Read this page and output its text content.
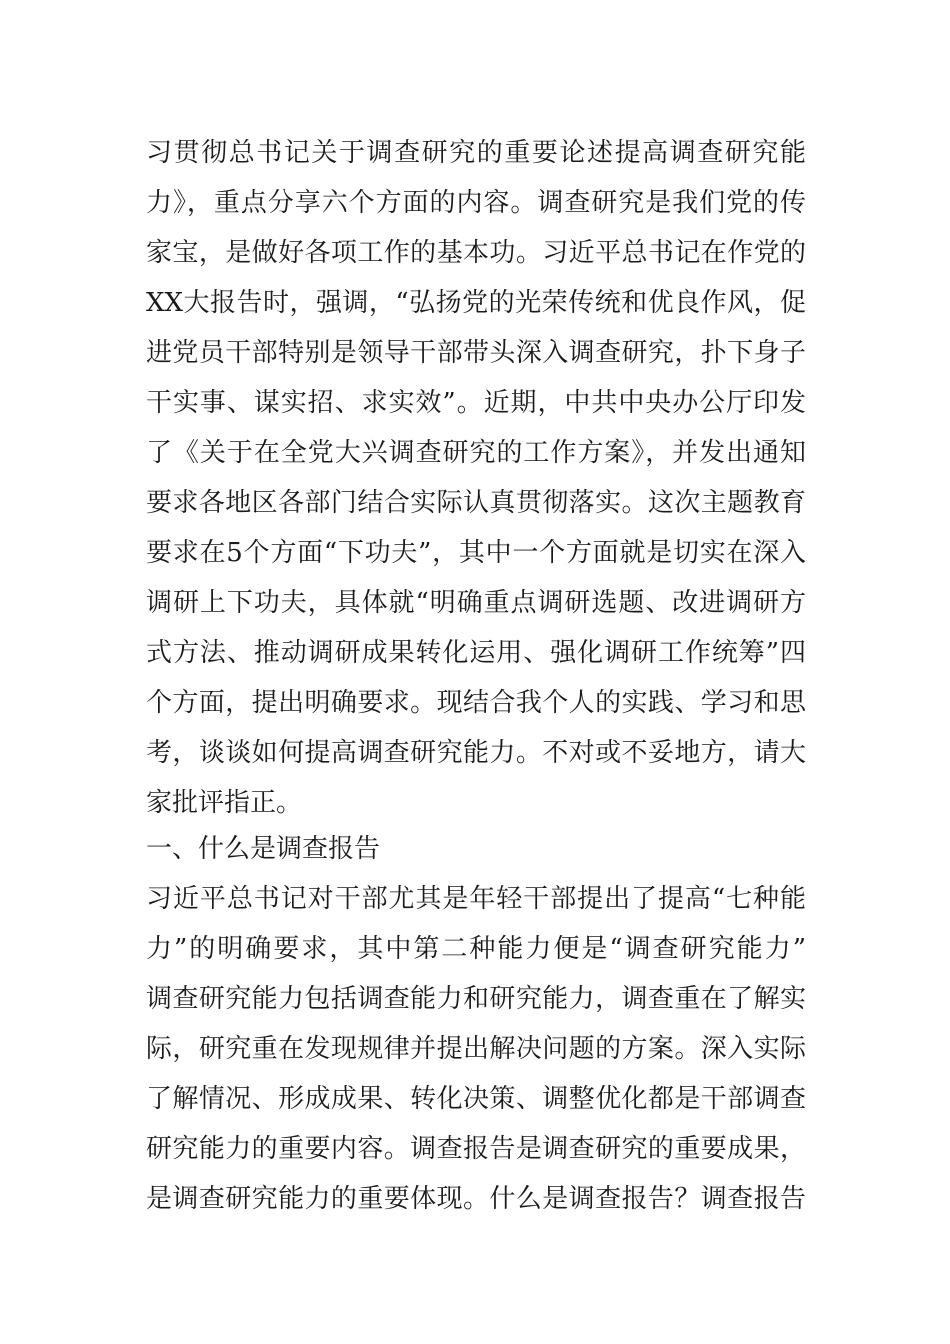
习贯彻总书记关于调查研究的重要论述提高调查研究能
力》，重点分享六个方面的内容。调查研究是我们党的传
家宝，是做好各项工作的基本功。习近平总书记在作党的
XX大报告时，强调，“弘扬党的光荣传统和优良作风，促
进党员干部特别是领导干部带头深入调查研究，扑下身子
干实事、谋实招、求实效”。近期，中共中央办公厅印发
了《关于在全党大兴调查研究的工作方案》，并发出通知
要求各地区各部门结合实际认真贯彻落实。这次主题教育
要求在5个方面“下功夫”，其中一个方面就是切实在深入
调研上下功夫，具体就“明确重点调研选题、改进调研方
式方法、推动调研成果转化运用、强化调研工作统筹”四
个方面，提出明确要求。现结合我个人的实践、学习和思
考，谈谈如何提高调查研究能力。不对或不妥地方，请大
家批评指正。
一、什么是调查报告
习近平总书记对干部尤其是年轻干部提出了提高“七种能
力”的明确要求，其中第二种能力便是“调查研究能力”
调查研究能力包括调查能力和研究能力，调查重在了解实
际，研究重在发现规律并提出解决问题的方案。深入实际
了解情况、形成成果、转化决策、调整优化都是干部调查
研究能力的重要内容。调查报告是调查研究的重要成果，
是调查研究能力的重要体现。什么是调查报告？调查报告
